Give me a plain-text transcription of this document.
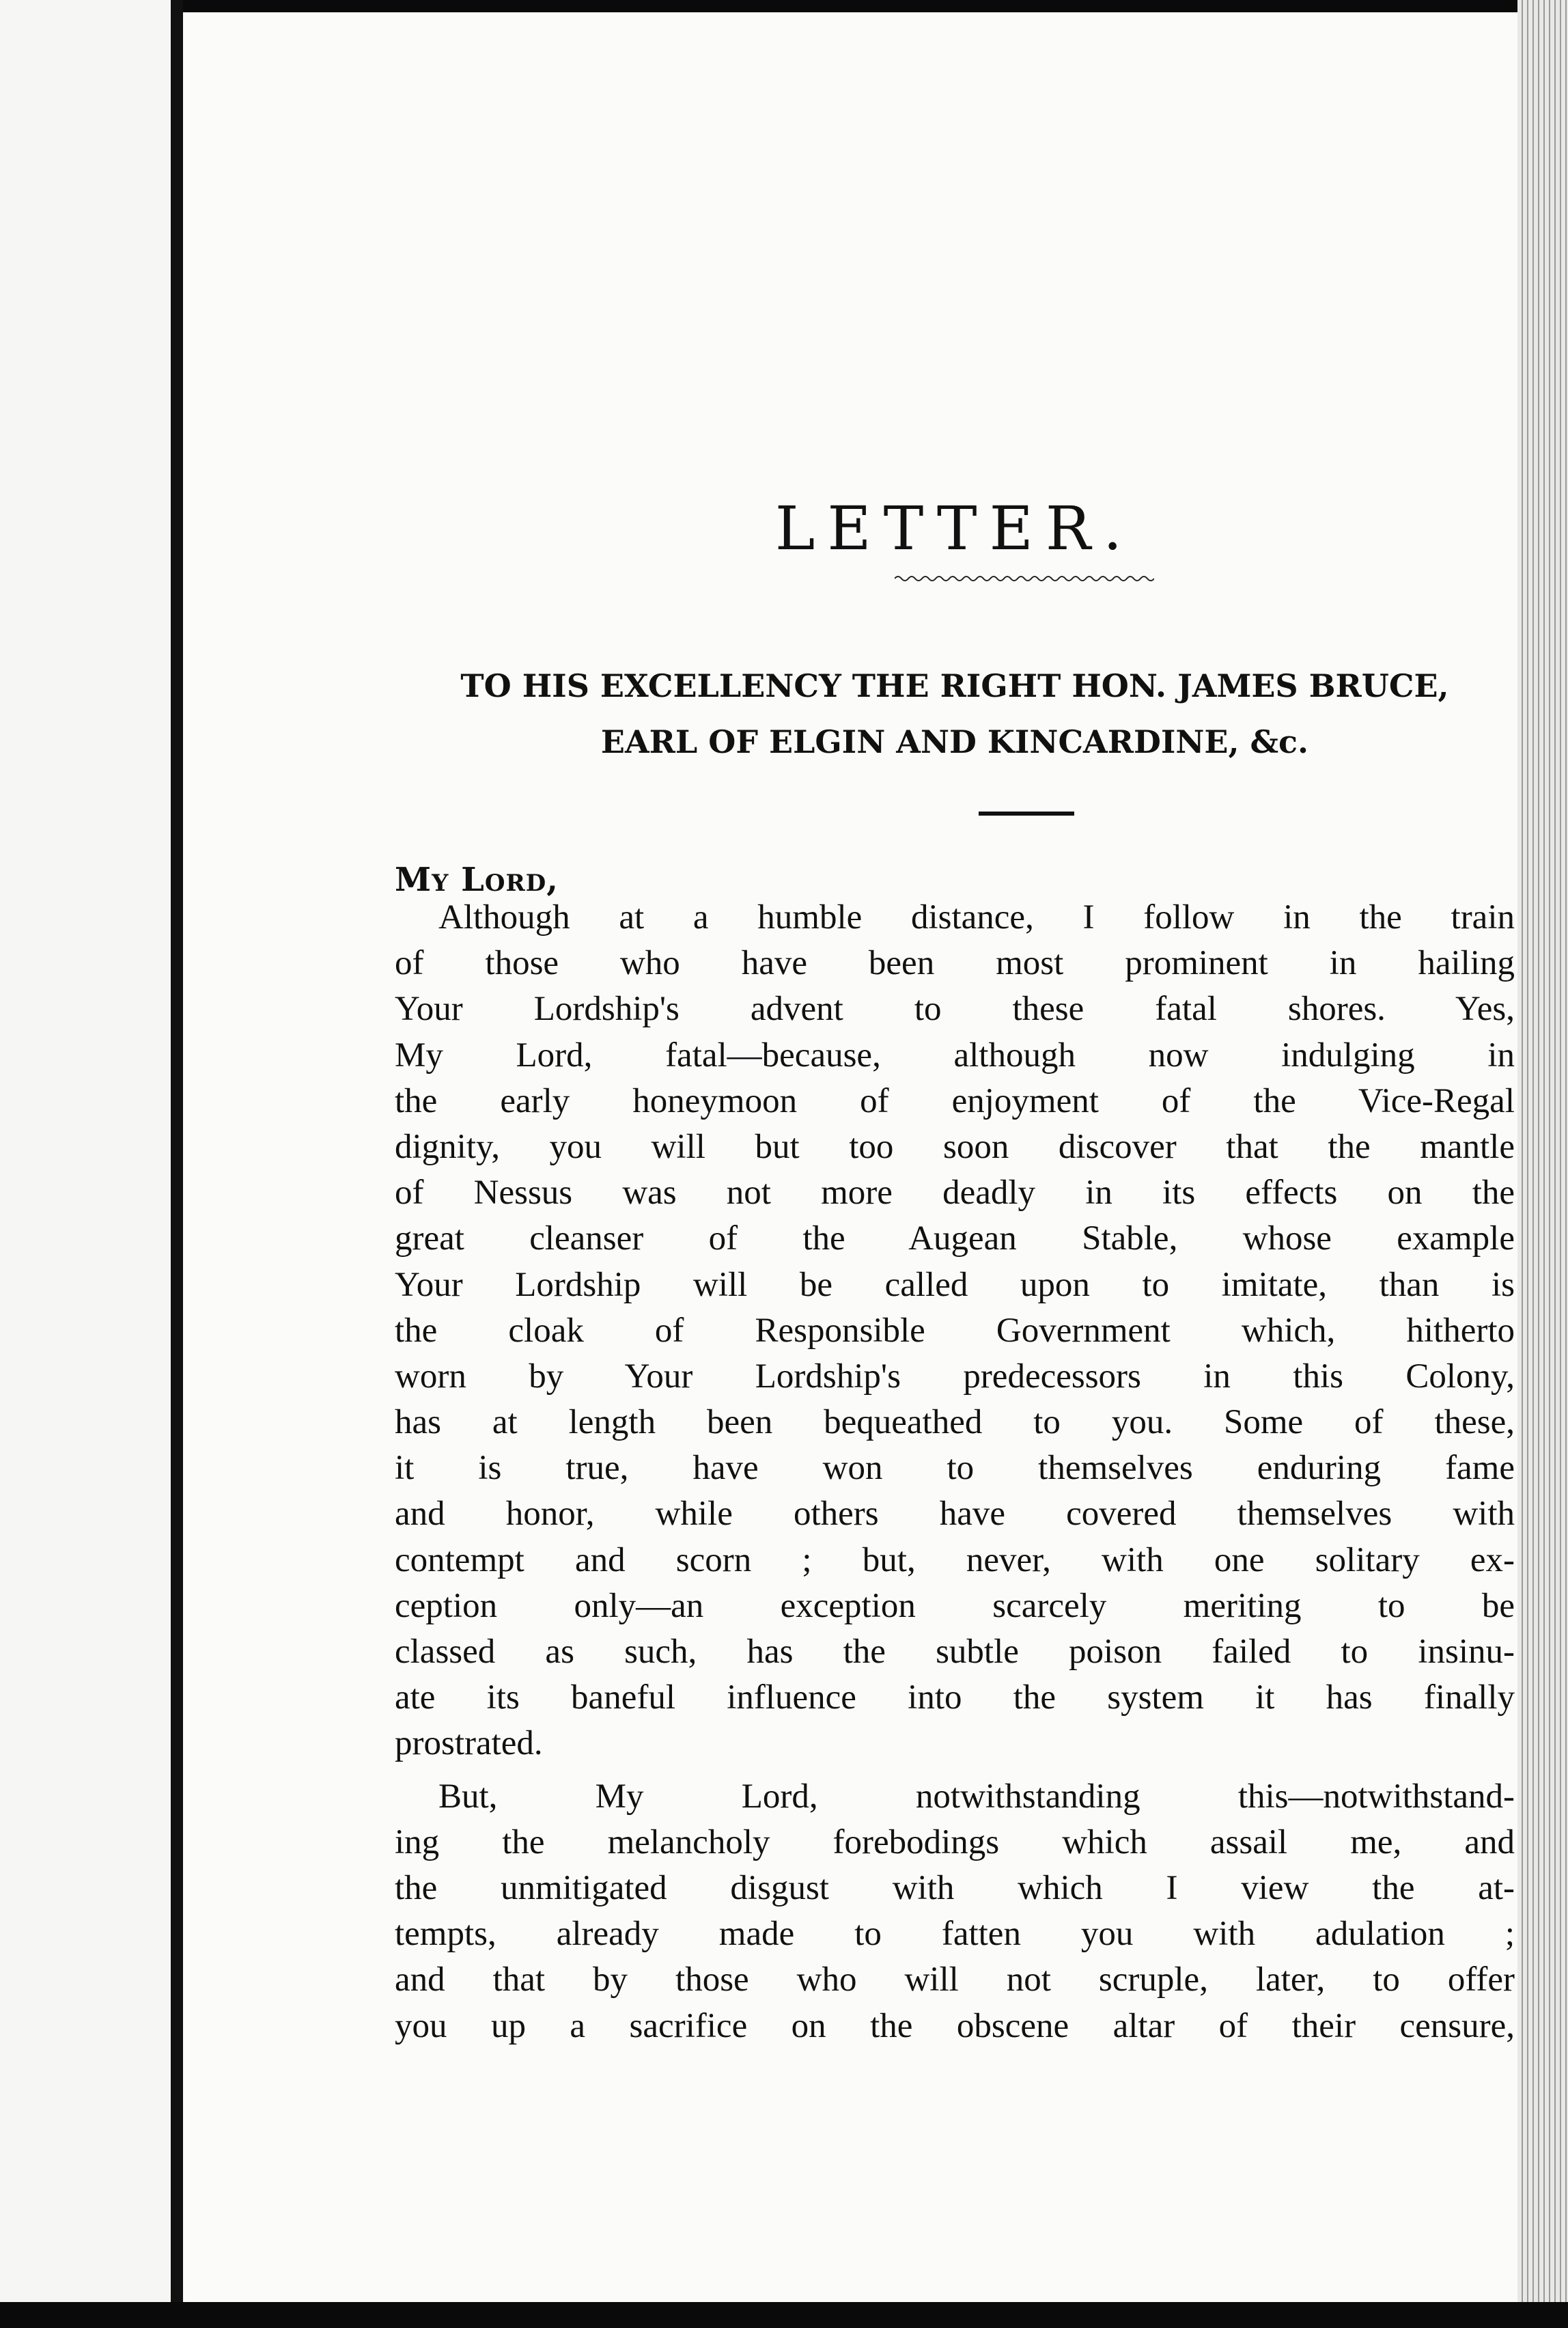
LETTER.
TO HIS EXCELLENCY THE RIGHT HON. JAMES BRUCE,
EARL OF ELGIN AND KINCARDINE, &c.
My Lord,
Although at a humble distance, I follow in the train
of those who have been most prominent in hailing
Your Lordship's advent to these fatal shores. Yes,
My Lord, fatal—because, although now indulging in
the early honeymoon of enjoyment of the Vice-Regal
dignity, you will but too soon discover that the mantle
of Nessus was not more deadly in its effects on the
great cleanser of the Augean Stable, whose example
Your Lordship will be called upon to imitate, than is
the cloak of Responsible Government which, hitherto
worn by Your Lordship's predecessors in this Colony,
has at length been bequeathed to you. Some of these,
it is true, have won to themselves enduring fame
and honor, while others have covered themselves with
contempt and scorn ; but, never, with one solitary ex-
ception only—an exception scarcely meriting to be
classed as such, has the subtle poison failed to insinu-
ate its baneful influence into the system it has finally
prostrated.
But, My Lord, notwithstanding this—notwithstand-
ing the melancholy forebodings which assail me, and
the unmitigated disgust with which I view the at-
tempts, already made to fatten you with adulation ;
and that by those who will not scruple, later, to offer
you up a sacrifice on the obscene altar of their censure,
